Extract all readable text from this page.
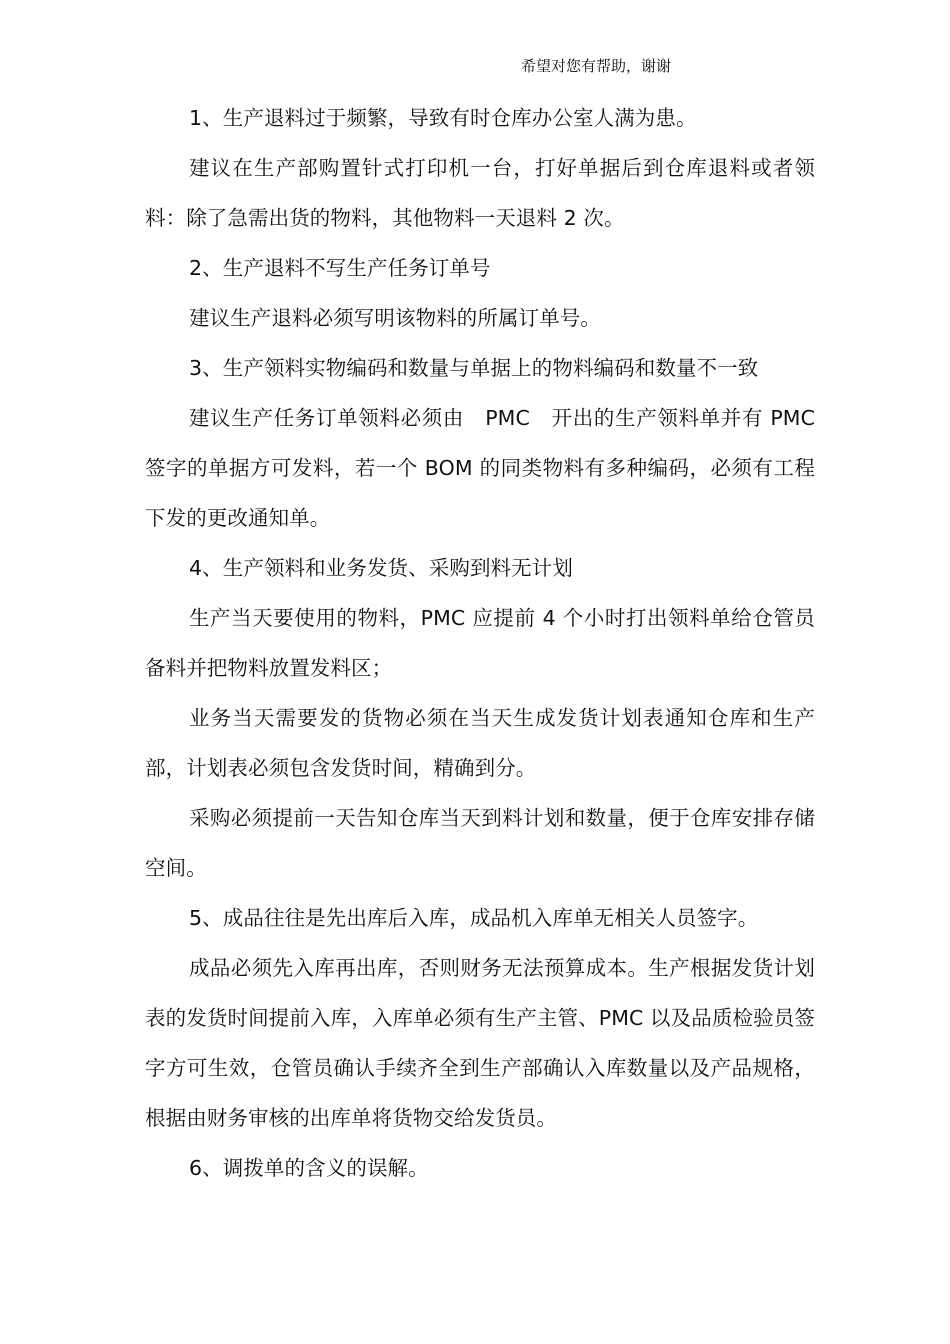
希望对您有帮助，谢谢

1、生产退料过于频繁，导致有时仓库办公室人满为患。

建议在生产部购置针式打印机一台，打好单据后到仓库退料或者领料：除了急需出货的物料，其他物料一天退料 2 次。

2、生产退料不写生产任务订单号

建议生产退料必须写明该物料的所属订单号。

3、生产领料实物编码和数量与单据上的物料编码和数量不一致

建议生产任务订单领料必须由　PMC　开出的生产领料单并有 PMC 签字的单据方可发料，若一个 BOM 的同类物料有多种编码，必须有工程下发的更改通知单。

4、生产领料和业务发货、采购到料无计划

生产当天要使用的物料，PMC 应提前 4 个小时打出领料单给仓管员备料并把物料放置发料区；

业务当天需要发的货物必须在当天生成发货计划表通知仓库和生产部，计划表必须包含发货时间，精确到分。

采购必须提前一天告知仓库当天到料计划和数量，便于仓库安排存储空间。

5、成品往往是先出库后入库，成品机入库单无相关人员签字。

成品必须先入库再出库，否则财务无法预算成本。生产根据发货计划表的发货时间提前入库，入库单必须有生产主管、PMC 以及品质检验员签字方可生效，仓管员确认手续齐全到生产部确认入库数量以及产品规格，根据由财务审核的出库单将货物交给发货员。

6、调拨单的含义的误解。
